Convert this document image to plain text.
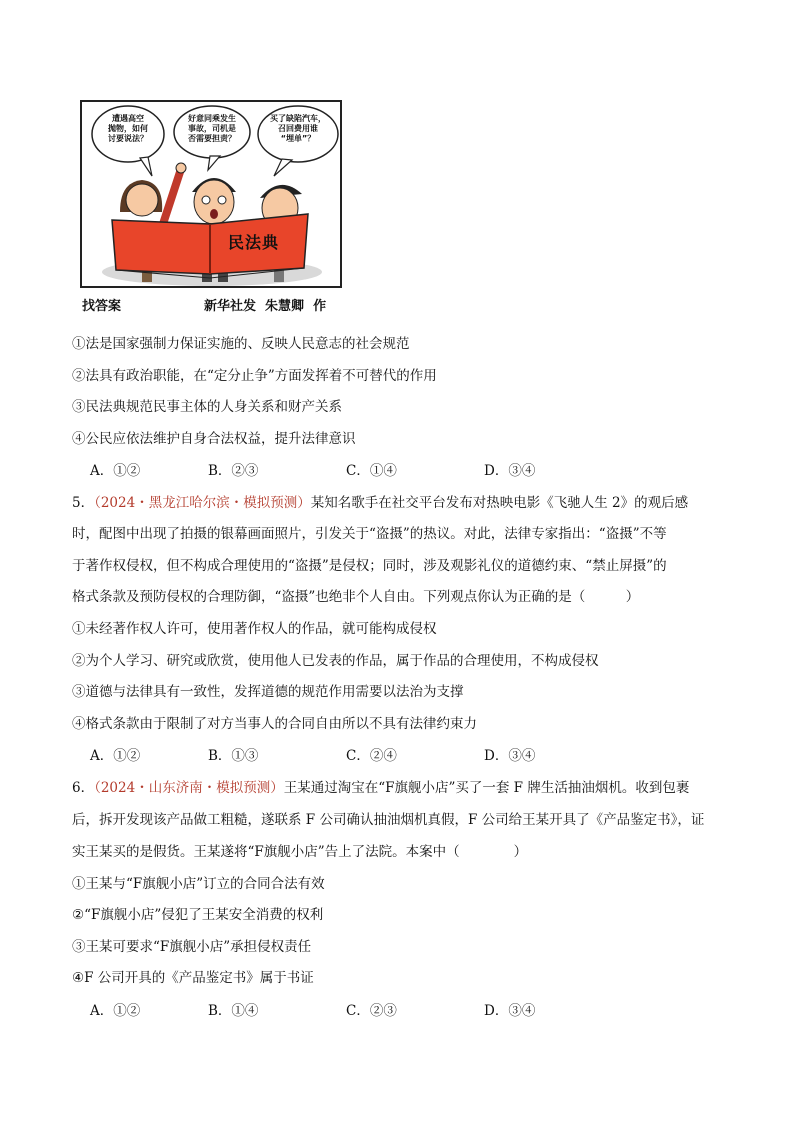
遭遇高空
抛物，如何
讨要说法？
好意同乘发生
事故，司机是
否需要担责？
买了缺陷汽车，
召回费用谁
“埋单”？
民法典
找答案	新华社发  朱慧卿  作
①法是国家强制力保证实施的、反映人民意志的社会规范
②法具有政治职能，在“定分止争”方面发挥着不可替代的作用
③民法典规范民事主体的人身关系和财产关系
④公民应依法维护自身合法权益，提升法律意识
A．①②	B．②③	C．①④	D．③④
5．（2024・黑龙江哈尔滨・模拟预测）某知名歌手在社交平台发布对热映电影《飞驰人生 2》的观后感
时，配图中出现了拍摄的银幕画面照片，引发关于“盗摄”的热议。对此，法律专家指出：“盗摄”不等
于著作权侵权，但不构成合理使用的“盗摄”是侵权；同时，涉及观影礼仪的道德约束、“禁止屏摄”的
格式条款及预防侵权的合理防御，“盗摄”也绝非个人自由。下列观点你认为正确的是（　　　）
①未经著作权人许可，使用著作权人的作品，就可能构成侵权
②为个人学习、研究或欣赏，使用他人已发表的作品，属于作品的合理使用，不构成侵权
③道德与法律具有一致性，发挥道德的规范作用需要以法治为支撑
④格式条款由于限制了对方当事人的合同自由所以不具有法律约束力
A．①②	B．①③	C．②④	D．③④
6．（2024・山东济南・模拟预测）王某通过淘宝在“F旗舰小店”买了一套 F 牌生活抽油烟机。收到包裹
后，拆开发现该产品做工粗糙，遂联系 F 公司确认抽油烟机真假，F 公司给王某开具了《产品鉴定书》，证
实王某买的是假货。王某遂将“F旗舰小店”告上了法院。本案中（　　　　）
①王某与“F旗舰小店”订立的合同合法有效
②“F旗舰小店”侵犯了王某安全消费的权利
③王某可要求“F旗舰小店”承担侵权责任
④F 公司开具的《产品鉴定书》属于书证
A．①②	B．①④	C．②③	D．③④
